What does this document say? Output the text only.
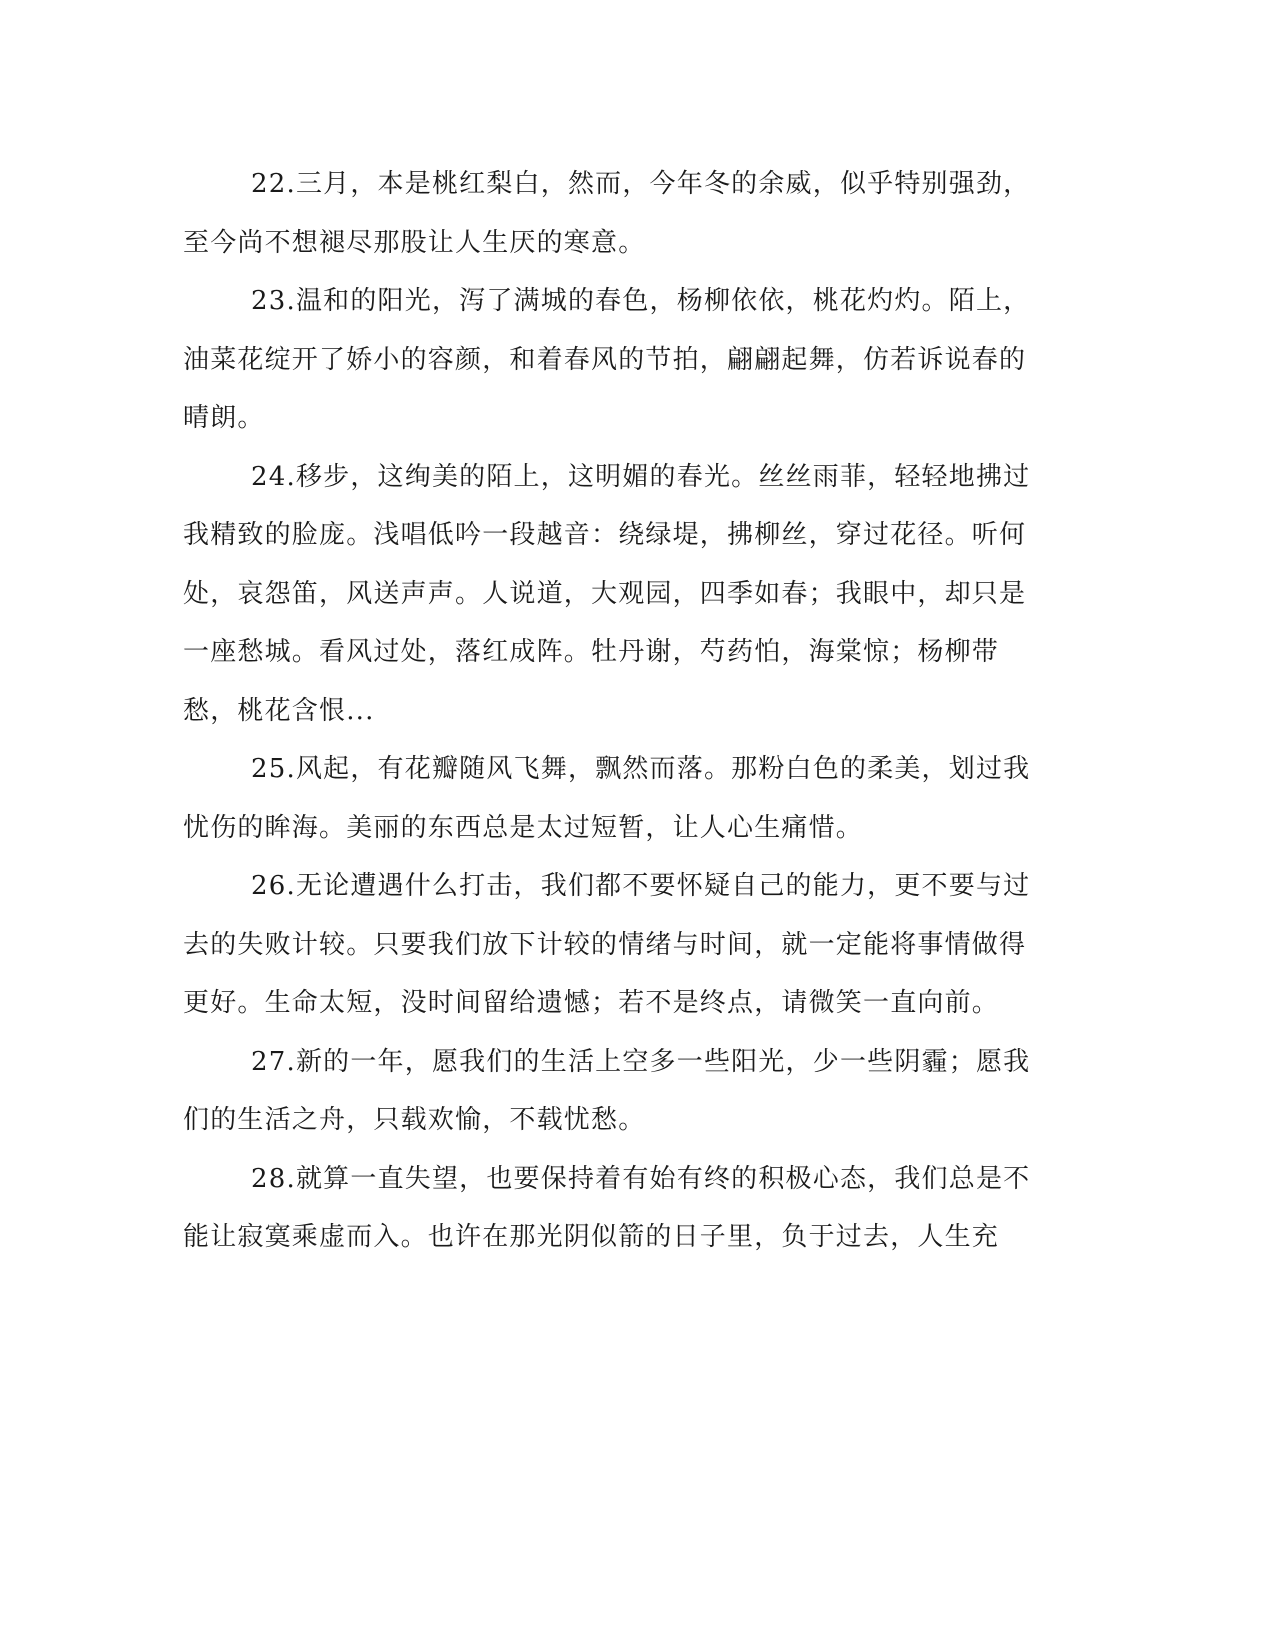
22.三月，本是桃红梨白，然而，今年冬的余威，似乎特别强劲，至今尚不想褪尽那股让人生厌的寒意。

23.温和的阳光，泻了满城的春色，杨柳依依，桃花灼灼。陌上，油菜花绽开了娇小的容颜，和着春风的节拍，翩翩起舞，仿若诉说春的晴朗。

24.移步，这绚美的陌上，这明媚的春光。丝丝雨菲，轻轻地拂过我精致的脸庞。浅唱低吟一段越音：绕绿堤，拂柳丝，穿过花径。听何处，哀怨笛，风送声声。人说道，大观园，四季如春；我眼中，却只是一座愁城。看风过处，落红成阵。牡丹谢，芍药怕，海棠惊；杨柳带愁，桃花含恨...

25.风起，有花瓣随风飞舞，飘然而落。那粉白色的柔美，划过我忧伤的眸海。美丽的东西总是太过短暂，让人心生痛惜。

26.无论遭遇什么打击，我们都不要怀疑自己的能力，更不要与过去的失败计较。只要我们放下计较的情绪与时间，就一定能将事情做得更好。生命太短，没时间留给遗憾；若不是终点，请微笑一直向前。

27.新的一年，愿我们的生活上空多一些阳光，少一些阴霾；愿我们的生活之舟，只载欢愉，不载忧愁。

28.就算一直失望，也要保持着有始有终的积极心态，我们总是不能让寂寞乘虚而入。也许在那光阴似箭的日子里，负于过去，人生充
